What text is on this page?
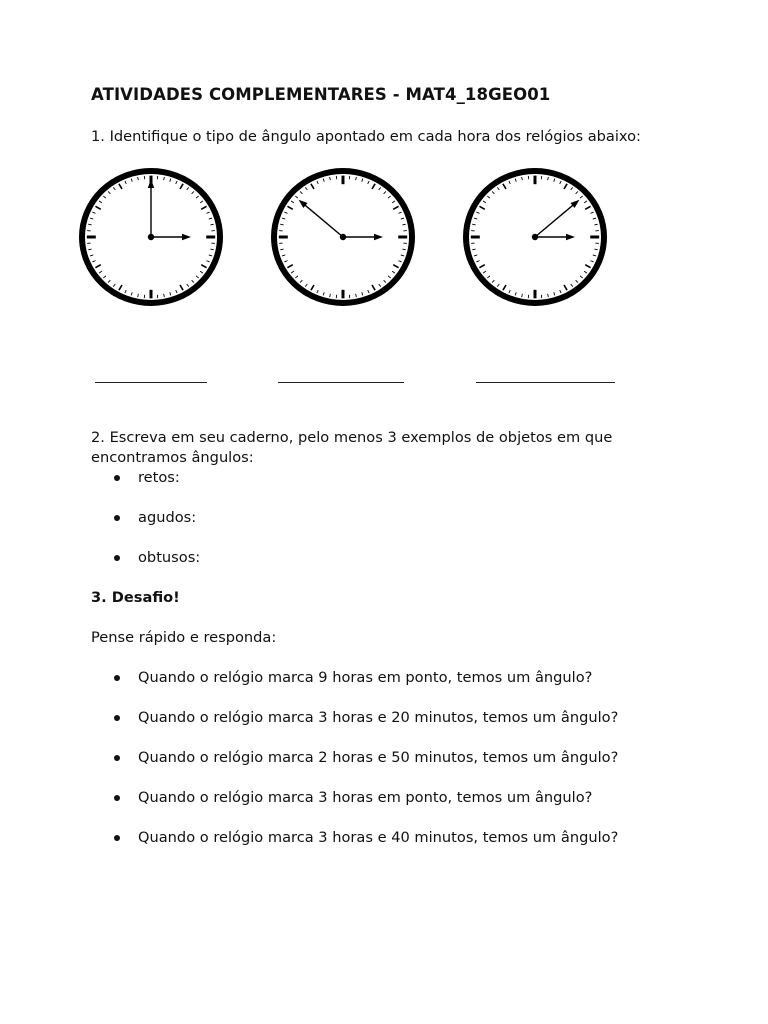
ATIVIDADES COMPLEMENTARES - MAT4_18GEO01
1. Identifique o tipo de ângulo apontado em cada hora dos relógios abaixo:
2. Escreva em seu caderno, pelo menos 3 exemplos de objetos em que
encontramos ângulos:
retos:
agudos:
obtusos:
3. Desafio!
Pense rápido e responda:
Quando o relógio marca 9 horas em ponto, temos um ângulo?
Quando o relógio marca 3 horas e 20 minutos, temos um ângulo?
Quando o relógio marca 2 horas e 50 minutos, temos um ângulo?
Quando o relógio marca 3 horas em ponto, temos um ângulo?
Quando o relógio marca 3 horas e 40 minutos, temos um ângulo?
